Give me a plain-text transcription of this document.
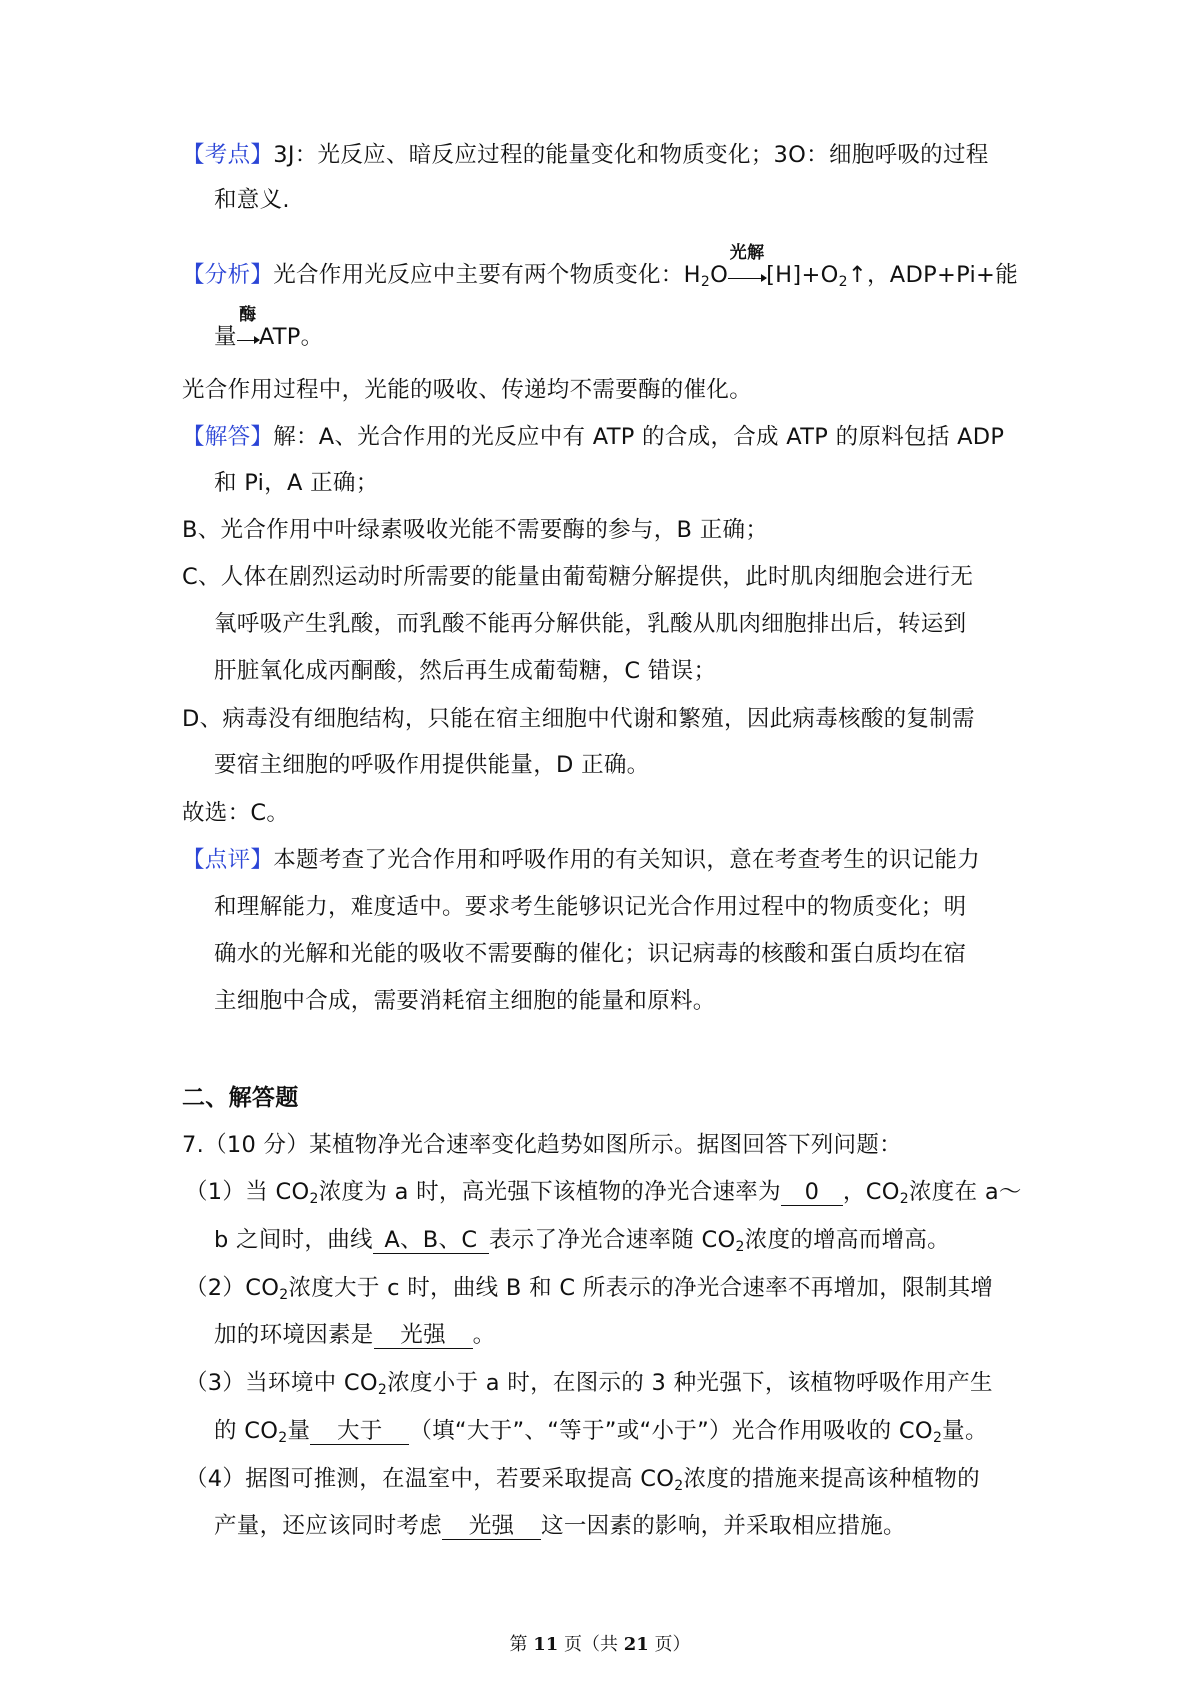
【考点】3J：光反应、暗反应过程的能量变化和物质变化；3O：细胞呼吸的过程
和意义.
【分析】光合作用光反应中主要有两个物质变化：$H_2O$
光解
$[H]+O_2↑$，ADP+Pi+能
量
酶
ATP。
光合作用过程中，光能的吸收、传递均不需要酶的催化。
【解答】解：A、光合作用的光反应中有 ATP 的合成，合成 ATP 的原料包括 ADP
和 Pi，A 正确；
B、光合作用中叶绿素吸收光能不需要酶的参与，B 正确；
C、人体在剧烈运动时所需要的能量由葡萄糖分解提供，此时肌肉细胞会进行无
氧呼吸产生乳酸，而乳酸不能再分解供能，乳酸从肌肉细胞排出后，转运到
肝脏氧化成丙酮酸，然后再生成葡萄糖，C 错误；
D、病毒没有细胞结构，只能在宿主细胞中代谢和繁殖，因此病毒核酸的复制需
要宿主细胞的呼吸作用提供能量，D 正确。
故选：C。
【点评】本题考查了光合作用和呼吸作用的有关知识，意在考查考生的识记能力
和理解能力，难度适中。要求考生能够识记光合作用过程中的物质变化；明
确水的光解和光能的吸收不需要酶的催化；识记病毒的核酸和蛋白质均在宿
主细胞中合成，需要消耗宿主细胞的能量和原料。
二、解答题
7.（10 分）某植物净光合速率变化趋势如图所示。据图回答下列问题：
（1）当 $CO_2$浓度为 a 时，高光强下该植物的净光合速率为 0 ，$CO_2$浓度在 a～
b 之间时，曲线 A、B、C 表示了净光合速率随 $CO_2$浓度的增高而增高。
$(2)CO_2$浓度大于 c 时，曲线 B 和 C 所表示的净光合速率不再增加，限制其增
加的环境因素是 光强 。
（3）当环境中 $CO_2$浓度小于 a 时，在图示的 3 种光强下，该植物呼吸作用产生
的 $CO_2$量 大于 （填“大于”、“等于”或“小于”）光合作用吸收的 $CO_2$量。
（4）据图可推测，在温室中，若要采取提高 $CO_2$浓度的措施来提高该种植物的
产量，还应该同时考虑 光强 这一因素的影响，并采取相应措施。
第 11 页（共 21 页）
